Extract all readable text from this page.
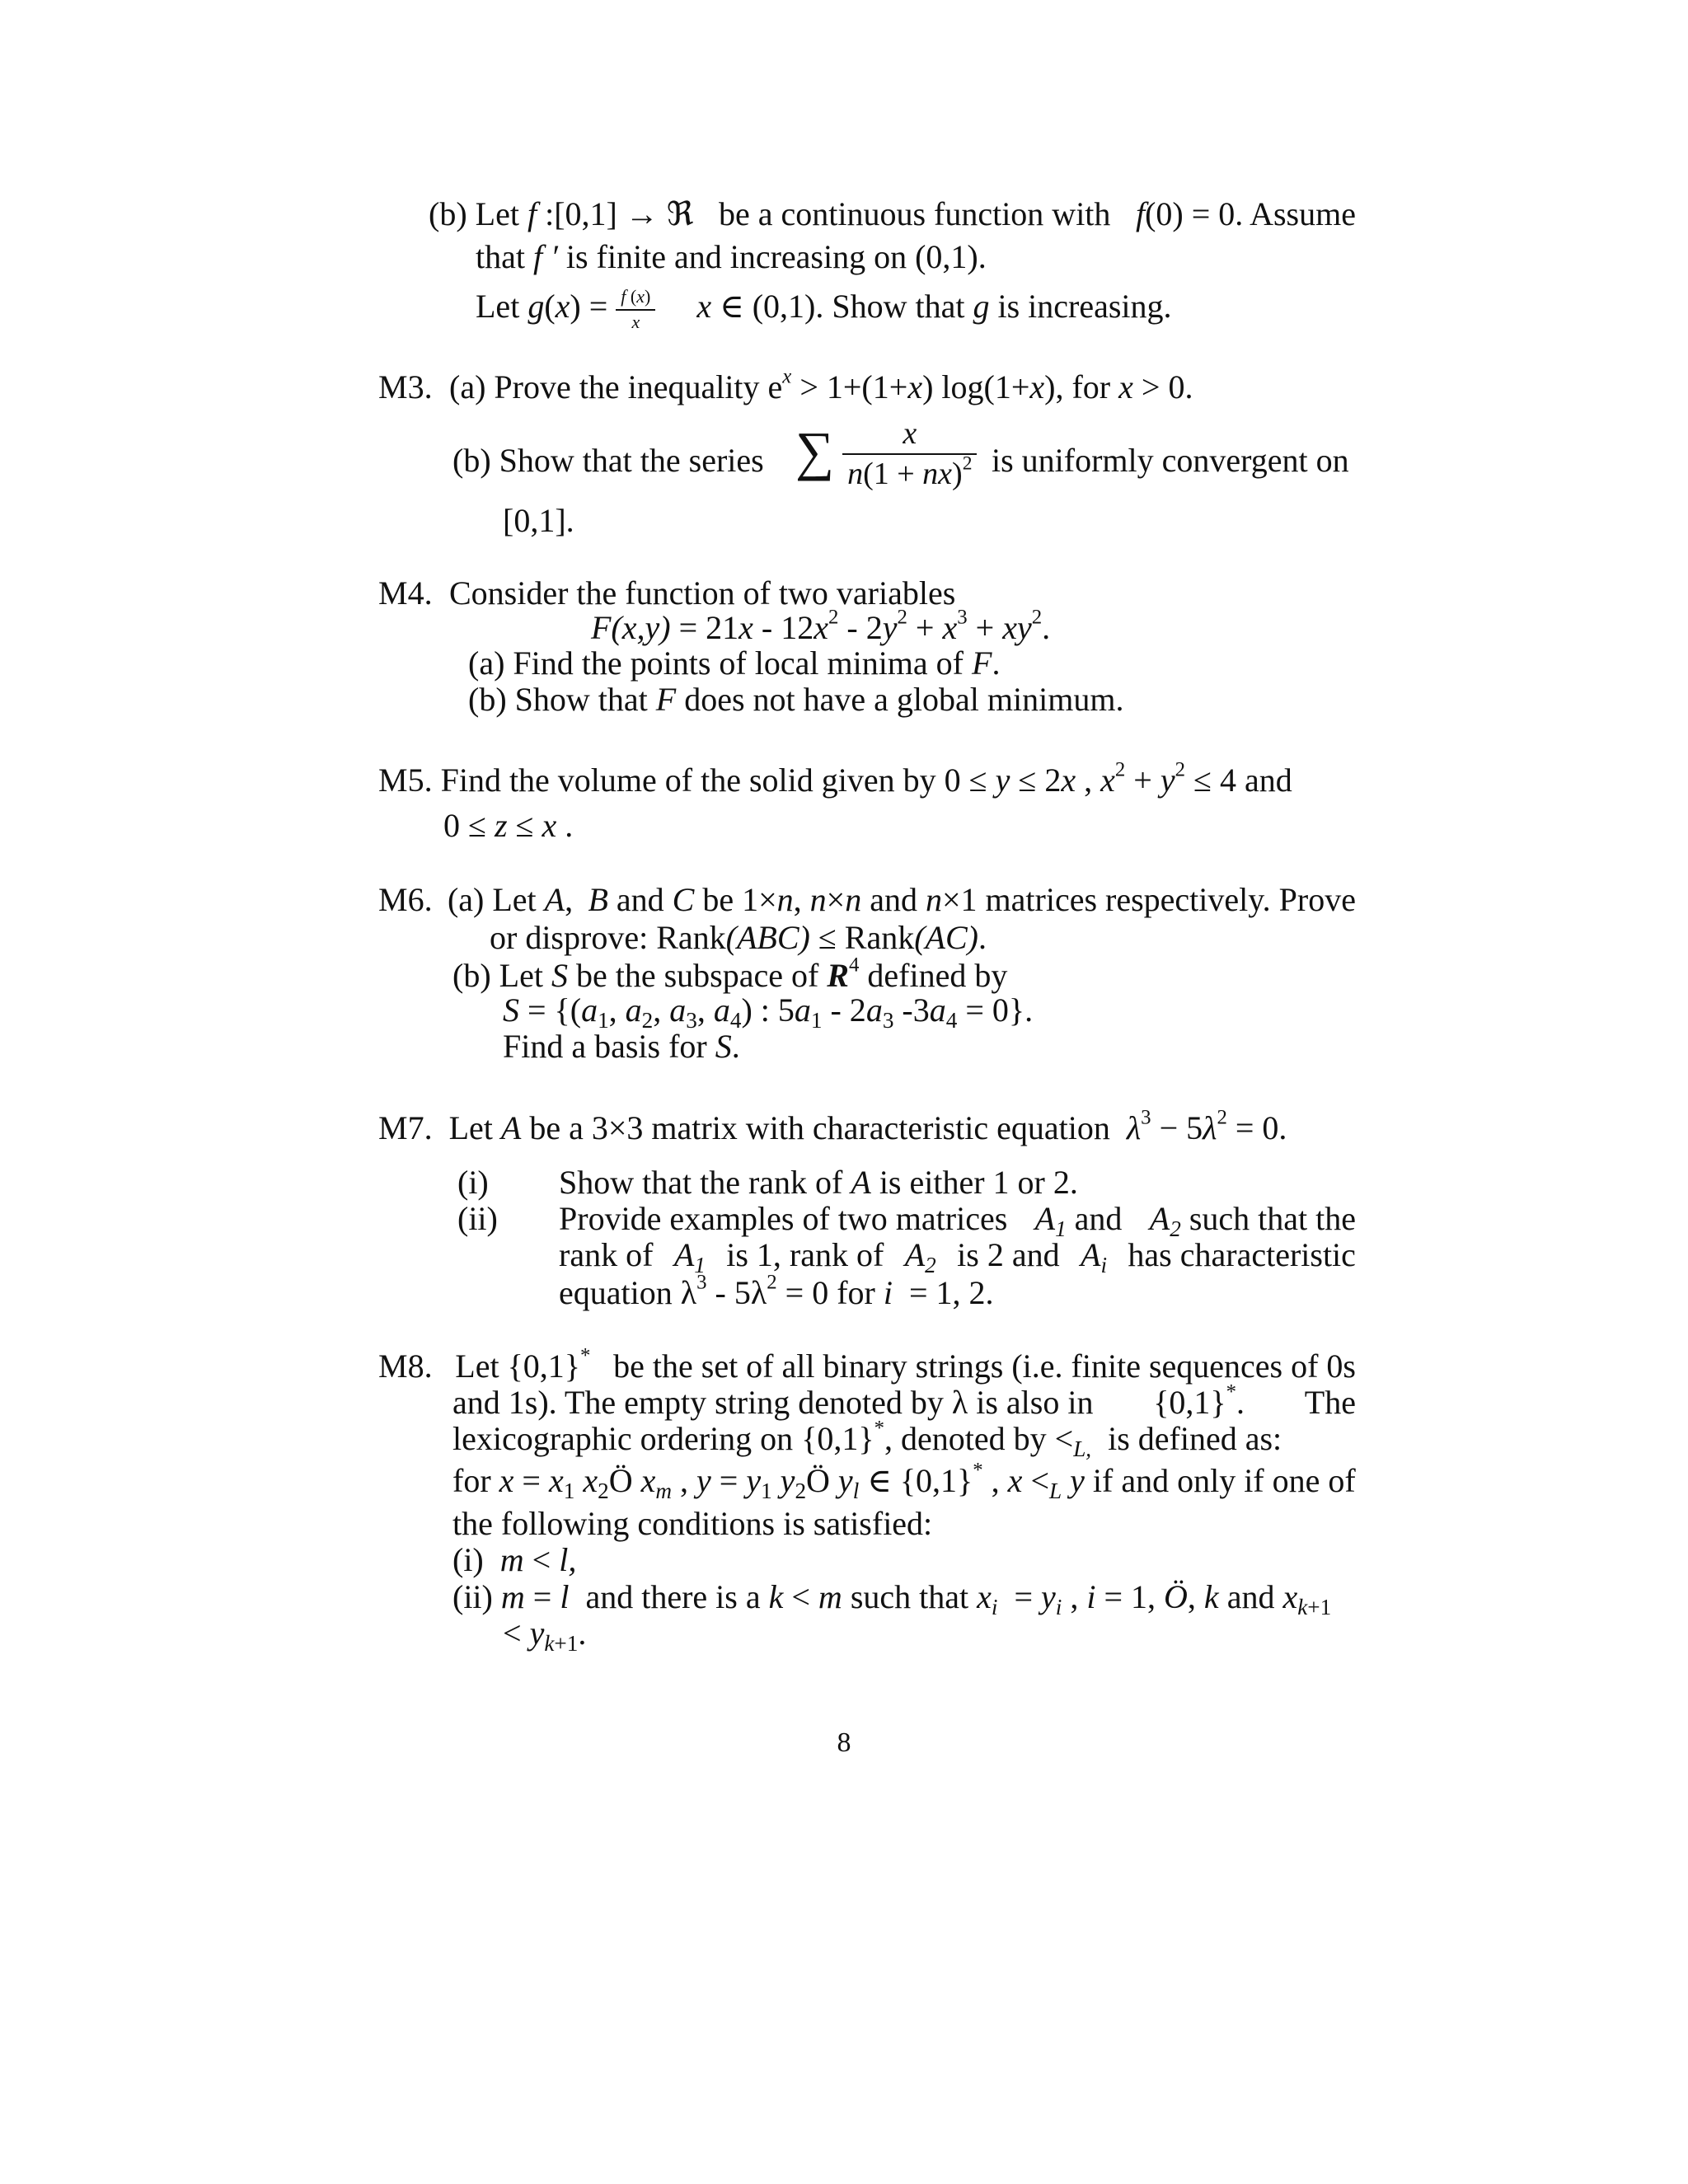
(b) Let f :[0,1] → ℜ be a continuous function with f(0) = 0. Assume
that f ′ is finite and increasing on (0,1).
Let $g(x) = \frac{f (x)}{x}$ x ∈ (0,1). Show that g is increasing.
M3. (a) Prove the inequality $e^x > 1+(1+x)$ log(1+x), for x > 0.
(b) Show that the series ∑ $\frac{x}{n(1 + nx)^2}$ is uniformly convergent on
[0,1].
M4. Consider the function of two variables
$F(x,y) = 21x - 12x^2 - 2y^2 + x^3 + xy^2$.
(a) Find the points of local minima of F.
(b) Show that F does not have a global minimum.
M5. Find the volume of the solid given by 0 ≤ y ≤ 2x , $x^2 + y^2 \le 4$ and
0 ≤ z ≤ x .
M6. (a) Let A, B and C be 1×n, n×n and n×1 matrices respectively. Prove
or disprove: Rank(ABC) ≤ Rank(AC).
(b) Let S be the subspace of $R^4$ defined by
$S = \{(a_1$, $a_2$, $a_3$, $a_4$) : $5a_1 - 2a_3$ $-3a_4 = 0$}.
Find a basis for S.
M7. Let A be a 3×3 matrix with characteristic equation $\lambda^3 - 5\lambda^2 = 0$.
(i) Show that the rank of A is either 1 or 2.
(ii) Provide examples of two matrices $A_1$ and $A_2$ such that the
rank of $A_1$ is 1, rank of $A_2$ is 2 and $A_i$ has characteristic
equation $\lambda^3 - 5\lambda^2 = 0$ for i  = 1, 2.
M8. Let {0,1}* be the set of all binary strings (i.e. finite sequences of 0s
and 1s). The empty string denoted by λ is also in {0,1}*. The
lexicographic ordering on {0,1}*, denoted by $<_{L,}$ is defined as:
for $x = x_1$ $x_2Ö$ $x_m$ , $y = y_1$ $y_2Ö$ $y_l$ ∈ {0,1}* , $x <_L$ y if and only if one of
the following conditions is satisfied:
(i) m < l,
(ii) m = l and there is a k < m such that $x_i = y_i$ , i = 1, Ö, k and $x_{k+1}$
< $y_{k+1}$.
8
